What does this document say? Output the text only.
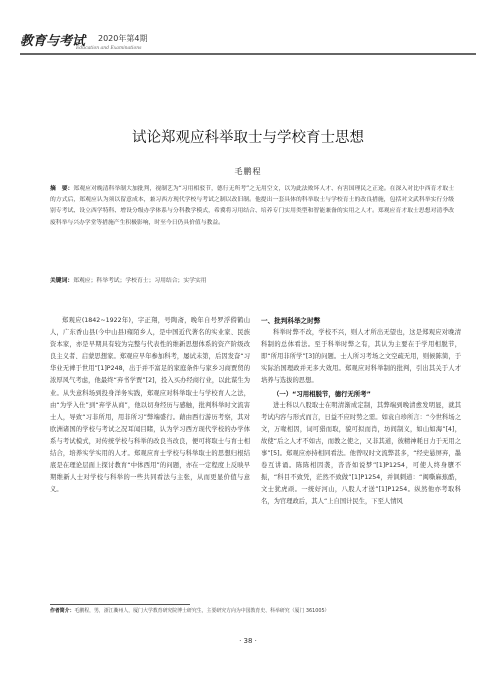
教育与考试 2020年第4期
Education and Examinations
试论郑观应科举取士与学校育士思想
毛鹏程
摘　要：郑观应对晚清科举制大加批判，视制艺为“习用相驳节，德行无所考”之无用空文，以为此法败坏人才、有害国理民之正途。在深入对比中西育才取士的方式后，郑观应认为须以留意成本，兼习西方现代学校与考试之制以改旧制。他提出一套具体的科举取士与学校育士的改良措施，包括对文武科举实行分级别专考试、设立西学特科、增设分级办学体系与分科教学模式，希冀将习用结合、培养专门实用类型和智能兼备的实用之人才。郑观应育才取士思想对清季改废科举与兴办学堂等措施产生积极影响，时至今日仍具价值与教益。
关键词：郑观应；科举考试；学校育士；习用结合；实学实用
郑观应(1842~1922年)，字正翔，号陶斋，晚年自号罗浮偫鹤山人，广东香山县(今中山县)雍陌乡人，是中国近代著名的实业家、民族资本家，亦是早期具有较为完整与代表性的维新思想体系的资产阶级改良主义者、启蒙思想家。郑观应早年参加科考，屡试未第，后因发奋“习华业无裨于世用”[1]P248，出于并不富足的家庭条件与家乡习商贾贸的浓厚风气考虑，他最终“弃书学贾”[2]，投入买办经商行业，以此谋生为业。从失意科场到投身洋务实践，郑观应对科举取士与学校育人之法，由“为学入仕”到“弃学从商”，他以切身经历与感触，批判科举时文流害士人，导致“习非所用，用非所习”弊端盛行。藉由西行游历考察，其对欧洲诸国的学校与考试之况耳闻目睹，认为学习西方现代学校的办学体系与考试模式，对传统学校与科举的改良当改良，便可将取士与育士相结合，培养实学实用的人才。郑观应育士学校与科举取士的思想归根结底是在理论层面上探讨教育“中体西用”的问题，亦在一定程度上反映早期维新人士对学校与科举的一些共同看法与主张，从而更显价值与意义。

一、批判科举之时弊

科举时弊不改，学校不兴，则人才所出无望也，这是郑观应对晚清科制的总体看法。至于科举时弊之有，其认为主要在于学用相脱节，即“所用非所学”[3]的问题。士人所习考场之文空疏无用，则候陈简，于实际治国理政并无多大效用。郑观应对科举制的批判，引出其关于人才培养与选拔的思想。

（一）“习用相脱节，德行无所考”

进士科以八股取士在明清渐成定制，其弊端到晚清愈发明显，就其考试内容与形式而言，日益不应时势之需。如袁自珍所言：“今世科场之文，万喙相因，词可猎而取，貌可拟而肖，坊间制义，如山如海”[4]，故使“后之人才不如古，而教之使之，又非其道，彼精神耗日力于无用之事”[5]。郑观应亦持相同看法。他曾叹时文流弊甚多，“经史悬屏弃，墨卷互讲诵。陈陈相因袭，沓沓如说梦”[1]P1254，可使人终身隳不振，“科目不致凭，茫然不致做”[1]P1254，并讽刺道：“闽嘶麻蕉酷，文士犹虎顽。一统好河山，八股人才送”[1]P1254。纵然他亦考取科名，为官理政后，其人“上自国计民生，下至人情风

作者简介：毛鹏程，男，浙江衢州人，厦门大学教育研究院博士研究生，主要研究方向为中国教育史、科举研究（厦门 361005）
· 38 ·
